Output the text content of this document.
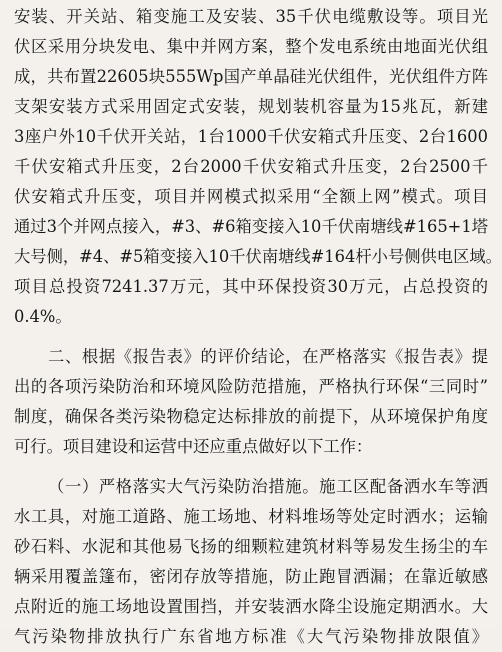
安装、开关站、箱变施工及安装、35千伏电缆敷设等。项目光
伏区采用分块发电、集中并网方案，整个发电系统由地面光伏组
成，共布置22605块555Wp国产单晶硅光伏组件，光伏组件方阵
支架安装方式采用固定式安装，规划装机容量为15兆瓦，新建
3座户外10千伏开关站，1台1000千伏安箱式升压变、2台1600
千伏安箱式升压变，2台2000千伏安箱式升压变，2台2500千
伏安箱式升压变，项目并网模式拟采用“全额上网”模式。项目
通过3个并网点接入，#3、#6箱变接入10千伏南塘线#165+1塔
大号侧，#4、#5箱变接入10千伏南塘线#164杆小号侧供电区域。
项目总投资7241.37万元，其中环保投资30万元，占总投资的
0.4%。
二、根据《报告表》的评价结论，在严格落实《报告表》提
出的各项污染防治和环境风险防范措施，严格执行环保“三同时”
制度，确保各类污染物稳定达标排放的前提下，从环境保护角度
可行。项目建设和运营中还应重点做好以下工作：
（一）严格落实大气污染防治措施。施工区配备洒水车等洒
水工具，对施工道路、施工场地、材料堆场等处定时洒水；运输
砂石料、水泥和其他易飞扬的细颗粒建筑材料等易发生扬尘的车
辆采用覆盖篷布，密闭存放等措施，防止跑冒洒漏；在靠近敏感
点附近的施工场地设置围挡，并安装洒水降尘设施定期洒水。大
气污染物排放执行广东省地方标准《大气污染物排放限值》
